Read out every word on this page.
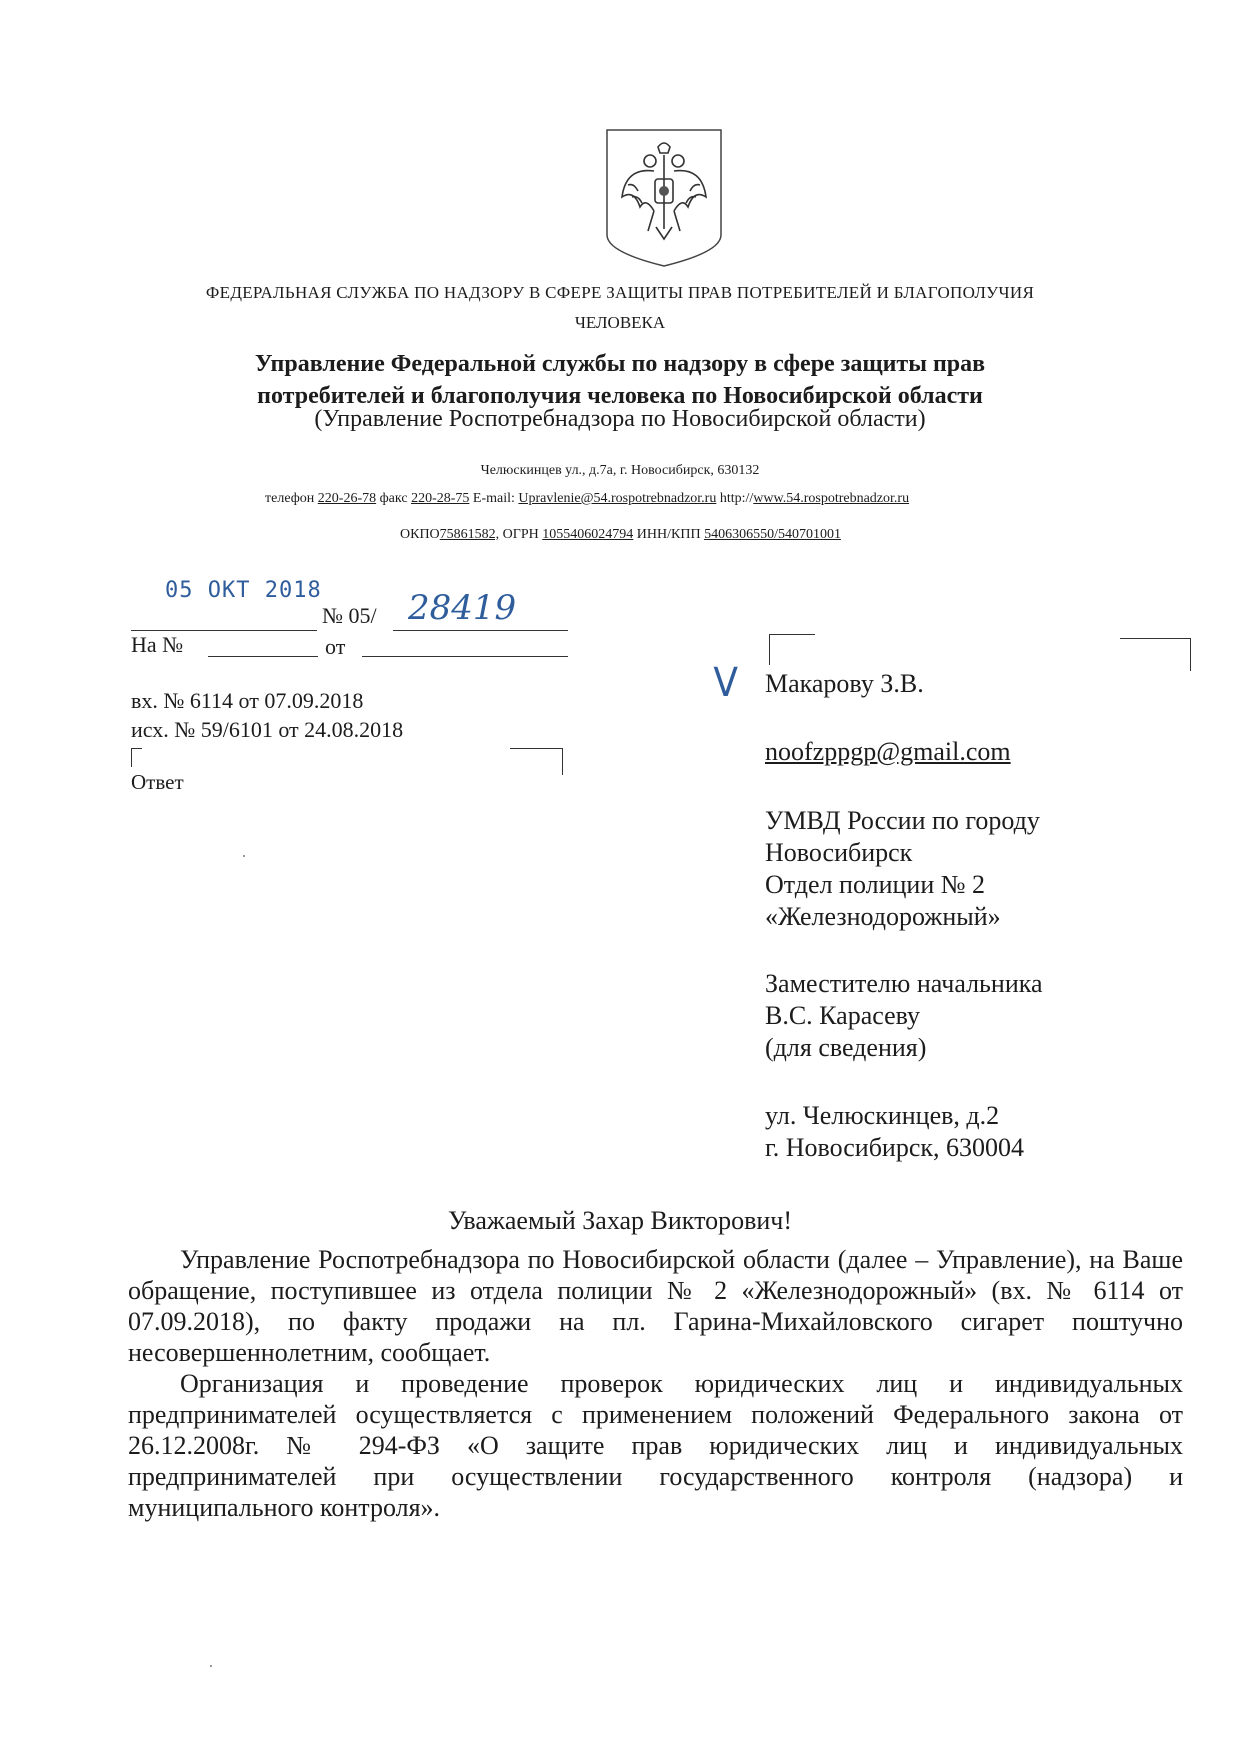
ФЕДЕРАЛЬНАЯ СЛУЖБА ПО НАДЗОРУ В СФЕРЕ ЗАЩИТЫ ПРАВ ПОТРЕБИТЕЛЕЙ И БЛАГОПОЛУЧИЯ
ЧЕЛОВЕКА
Управление Федеральной службы по надзору в сфере защиты прав
потребителей и благополучия человека по Новосибирской области
(Управление Роспотребнадзора по Новосибирской области)
Челюскинцев ул., д.7а, г. Новосибирск, 630132
телефон 220-26-78 факс 220-28-75 E-mail: Upravlenie@54.rospotrebnadzor.ru http://www.54.rospotrebnadzor.ru
ОКПО75861582, ОГРН 1055406024794 ИНН/КПП 5406306550/540701001
05 ОКТ 2018
№ 05/ 28419
На №	от
вх. № 6114 от 07.09.2018
исх. № 59/6101 от 24.08.2018
Ответ
V Макарову З.В.
noofzppgp@gmail.com
УМВД России по городу
Новосибирск
Отдел полиции № 2
«Железнодорожный»
Заместителю начальника
В.С. Карасеву
(для сведения)
ул. Челюскинцев, д.2
г. Новосибирск, 630004
Уважаемый Захар Викторович!

Управление Роспотребнадзора по Новосибирской области (далее – Управление), на Ваше обращение, поступившее из отдела полиции № 2 «Железнодорожный» (вх. № 6114 от 07.09.2018), по факту продажи на пл. Гарина-Михайловского сигарет поштучно несовершеннолетним, сообщает.

Организация и проведение проверок юридических лиц и индивидуальных предпринимателей осуществляется с применением положений Федерального закона от 26.12.2008г. № 294-ФЗ «О защите прав юридических лиц и индивидуальных предпринимателей при осуществлении государственного контроля (надзора) и муниципального контроля».
